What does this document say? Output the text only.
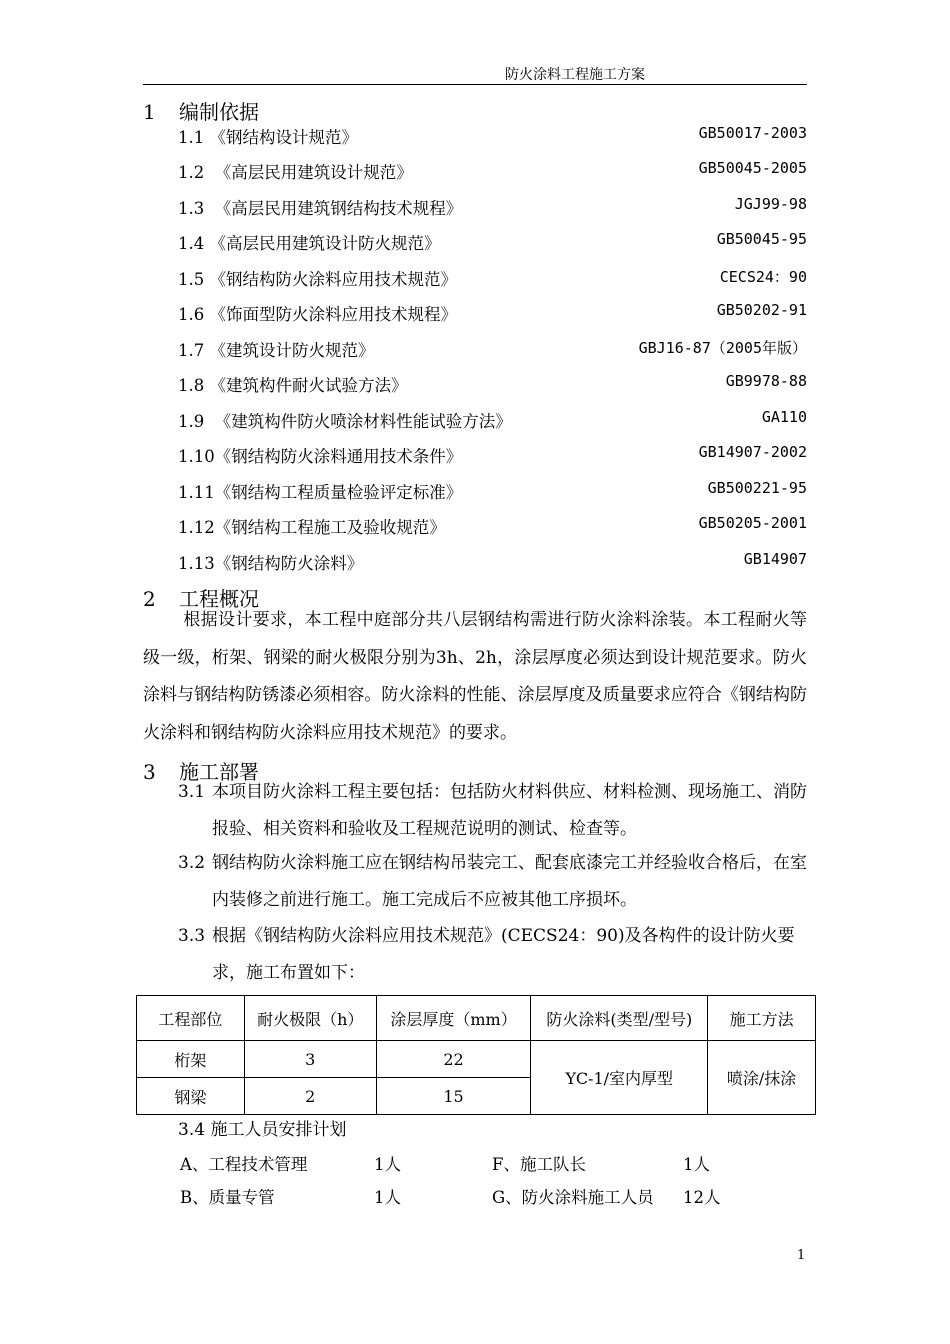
防火涂料工程施工方案
1 编制依据
1.1 《钢结构设计规范》	GB50017-2003
1.2  《高层民用建筑设计规范》	GB50045-2005
1.3  《高层民用建筑钢结构技术规程》	JGJ99-98
1.4 《高层民用建筑设计防火规范》	GB50045-95
1.5 《钢结构防火涂料应用技术规范》	CECS24：90
1.6 《饰面型防火涂料应用技术规程》	GB50202-91
1.7 《建筑设计防火规范》	GBJ16-87（2005年版）
1.8 《建筑构件耐火试验方法》	GB9978-88
1.9  《建筑构件防火喷涂材料性能试验方法》	GA110
1.10《钢结构防火涂料通用技术条件》	GB14907-2002
1.11《钢结构工程质量检验评定标准》	GB500221-95
1.12《钢结构工程施工及验收规范》	GB50205-2001
1.13《钢结构防火涂料》	GB14907
2 工程概况
根据设计要求，本工程中庭部分共八层钢结构需进行防火涂料涂装。本工程耐火等级一级，桁架、钢梁的耐火极限分别为3h、2h，涂层厚度必须达到设计规范要求。防火涂料与钢结构防锈漆必须相容。防火涂料的性能、涂层厚度及质量要求应符合《钢结构防火涂料和钢结构防火涂料应用技术规范》的要求。
3 施工部署
3.1 本项目防火涂料工程主要包括：包括防火材料供应、材料检测、现场施工、消防报验、相关资料和验收及工程规范说明的测试、检查等。
3.2 钢结构防火涂料施工应在钢结构吊装完工、配套底漆完工并经验收合格后，在室内装修之前进行施工。施工完成后不应被其他工序损坏。
3.3 根据《钢结构防火涂料应用技术规范》(CECS24：90)及各构件的设计防火要求，施工布置如下：
工程部位	耐火极限（h）	涂层厚度（mm）	防火涂料(类型/型号)	施工方法
桁架	3	22	YC-1/室内厚型	喷涂/抹涂
钢梁	2	15		
3.4 施工人员安排计划
A、工程技术管理	1人	F、施工队长	1人
B、质量专管	1人	G、防火涂料施工人员 12人
1
